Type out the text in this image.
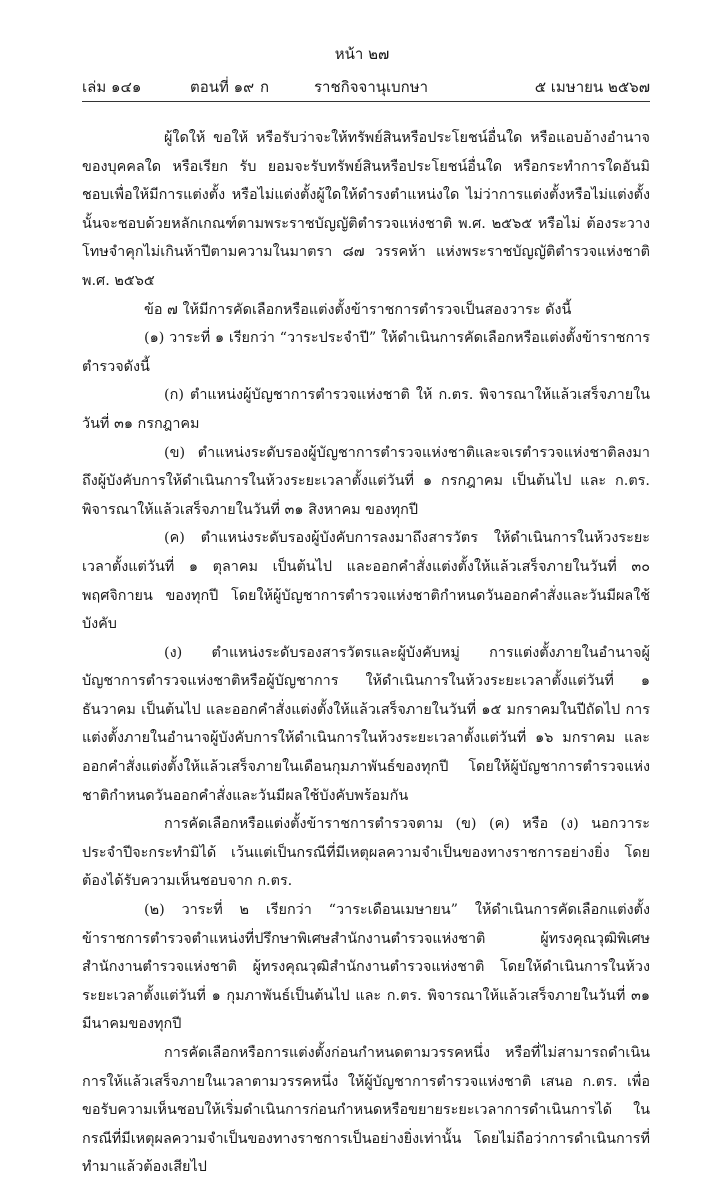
หน้า ๒๗
เล่ม ๑๔๑	ตอนที่ ๑๙ ก	ราชกิจจานุเบกษา	๕ เมษายน ๒๕๖๗

ผู้ใดให้ ขอให้ หรือรับว่าจะให้ทรัพย์สินหรือประโยชน์อื่นใด หรือแอบอ้างอำนาจของบุคคลใด หรือเรียก รับ ยอมจะรับทรัพย์สินหรือประโยชน์อื่นใด หรือกระทำการใดอันมิชอบเพื่อให้มีการแต่งตั้ง หรือไม่แต่งตั้งผู้ใดให้ดำรงตำแหน่งใด ไม่ว่าการแต่งตั้งหรือไม่แต่งตั้งนั้นจะชอบด้วยหลักเกณฑ์ตามพระราชบัญญัติตำรวจแห่งชาติ พ.ศ. ๒๕๖๕ หรือไม่ ต้องระวางโทษจำคุกไม่เกินห้าปีตามความในมาตรา ๘๗ วรรคห้า แห่งพระราชบัญญัติตำรวจแห่งชาติ พ.ศ. ๒๕๖๕

ข้อ ๗ ให้มีการคัดเลือกหรือแต่งตั้งข้าราชการตำรวจเป็นสองวาระ ดังนี้

(๑) วาระที่ ๑ เรียกว่า “วาระประจำปี” ให้ดำเนินการคัดเลือกหรือแต่งตั้งข้าราชการตำรวจดังนี้

(ก) ตำแหน่งผู้บัญชาการตำรวจแห่งชาติ ให้ ก.ตร. พิจารณาให้แล้วเสร็จภายในวันที่ ๓๑ กรกฎาคม

(ข) ตำแหน่งระดับรองผู้บัญชาการตำรวจแห่งชาติและจเรตำรวจแห่งชาติลงมาถึงผู้บังคับการให้ดำเนินการในห้วงระยะเวลาตั้งแต่วันที่ ๑ กรกฎาคม เป็นต้นไป และ ก.ตร. พิจารณาให้แล้วเสร็จภายในวันที่ ๓๑ สิงหาคม ของทุกปี

(ค) ตำแหน่งระดับรองผู้บังคับการลงมาถึงสารวัตร ให้ดำเนินการในห้วงระยะเวลาตั้งแต่วันที่ ๑ ตุลาคม เป็นต้นไป และออกคำสั่งแต่งตั้งให้แล้วเสร็จภายในวันที่ ๓๐ พฤศจิกายน ของทุกปี โดยให้ผู้บัญชาการตำรวจแห่งชาติกำหนดวันออกคำสั่งและวันมีผลใช้บังคับ

(ง) ตำแหน่งระดับรองสารวัตรและผู้บังคับหมู่ การแต่งตั้งภายในอำนาจผู้บัญชาการตำรวจแห่งชาติหรือผู้บัญชาการ ให้ดำเนินการในห้วงระยะเวลาตั้งแต่วันที่ ๑ ธันวาคม เป็นต้นไป และออกคำสั่งแต่งตั้งให้แล้วเสร็จภายในวันที่ ๑๕ มกราคมในปีถัดไป การแต่งตั้งภายในอำนาจผู้บังคับการให้ดำเนินการในห้วงระยะเวลาตั้งแต่วันที่ ๑๖ มกราคม และออกคำสั่งแต่งตั้งให้แล้วเสร็จภายในเดือนกุมภาพันธ์ของทุกปี โดยให้ผู้บัญชาการตำรวจแห่งชาติกำหนดวันออกคำสั่งและวันมีผลใช้บังคับพร้อมกัน

การคัดเลือกหรือแต่งตั้งข้าราชการตำรวจตาม (ข) (ค) หรือ (ง) นอกวาระประจำปีจะกระทำมิได้ เว้นแต่เป็นกรณีที่มีเหตุผลความจำเป็นของทางราชการอย่างยิ่ง โดยต้องได้รับความเห็นชอบจาก ก.ตร.

(๒) วาระที่ ๒ เรียกว่า “วาระเดือนเมษายน” ให้ดำเนินการคัดเลือกแต่งตั้งข้าราชการตำรวจตำแหน่งที่ปรึกษาพิเศษสำนักงานตำรวจแห่งชาติ ผู้ทรงคุณวุฒิพิเศษสำนักงานตำรวจแห่งชาติ ผู้ทรงคุณวุฒิสำนักงานตำรวจแห่งชาติ โดยให้ดำเนินการในห้วงระยะเวลาตั้งแต่วันที่ ๑ กุมภาพันธ์เป็นต้นไป และ ก.ตร. พิจารณาให้แล้วเสร็จภายในวันที่ ๓๑ มีนาคมของทุกปี

การคัดเลือกหรือการแต่งตั้งก่อนกำหนดตามวรรคหนึ่ง หรือที่ไม่สามารถดำเนินการให้แล้วเสร็จภายในเวลาตามวรรคหนึ่ง ให้ผู้บัญชาการตำรวจแห่งชาติ เสนอ ก.ตร. เพื่อขอรับความเห็นชอบให้เริ่มดำเนินการก่อนกำหนดหรือขยายระยะเวลาการดำเนินการได้ ในกรณีที่มีเหตุผลความจำเป็นของทางราชการเป็นอย่างยิ่งเท่านั้น โดยไม่ถือว่าการดำเนินการที่ทำมาแล้วต้องเสียไป
